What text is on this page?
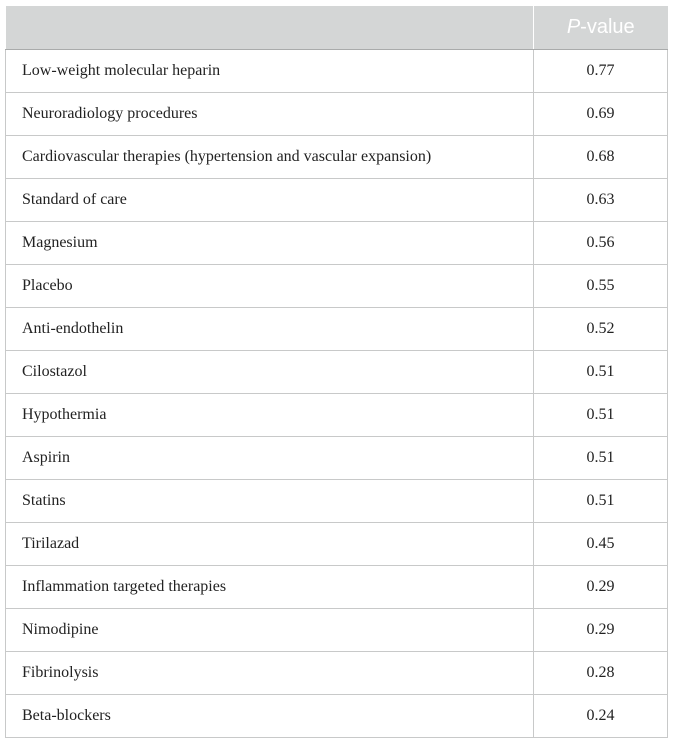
	P-value
Low-weight molecular heparin	0.77
Neuroradiology procedures	0.69
Cardiovascular therapies (hypertension and vascular expansion)	0.68
Standard of care	0.63
Magnesium	0.56
Placebo	0.55
Anti-endothelin	0.52
Cilostazol	0.51
Hypothermia	0.51
Aspirin	0.51
Statins	0.51
Tirilazad	0.45
Inflammation targeted therapies	0.29
Nimodipine	0.29
Fibrinolysis	0.28
Beta-blockers	0.24
